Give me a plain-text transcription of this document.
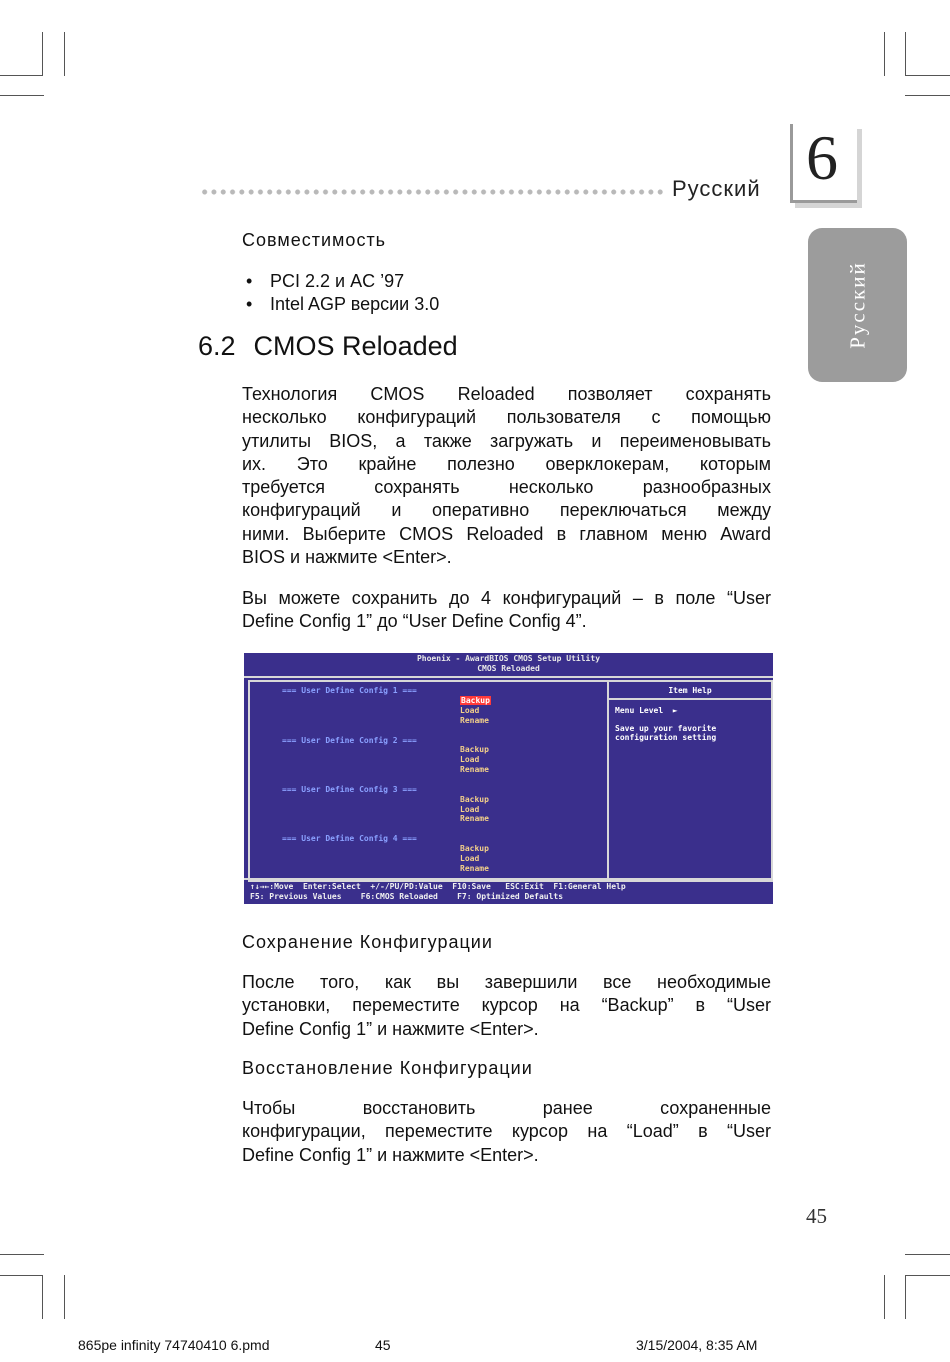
Русский 6
Русский
Совместимость
• PCI 2.2 и AC ’97
• Intel AGP версии 3.0
6.2 CMOS Reloaded
Технология CMOS Reloaded позволяет сохранять
несколько конфигураций пользователя с помощью
утилиты BIOS, а также загружать и переименовывать
их. Это крайне полезно оверклокерам, которым
требуется сохранять несколько разнообразных
конфигураций и оперативно переключаться между
ними. Выберите CMOS Reloaded в главном меню Award
BIOS и нажмите <Enter>.
Вы можете сохранить до 4 конфигураций – в поле “User
Define Config 1” до “User Define Config 4”.
Phoenix - AwardBIOS CMOS Setup Utility
CMOS Reloaded
=== User Define Config 1 ===
Backup
Load
Rename
=== User Define Config 2 ===
Backup
Load
Rename
=== User Define Config 3 ===
Backup
Load
Rename
=== User Define Config 4 ===
Backup
Load
Rename
Item Help
Menu Level  ►
Save up your favorite
configuration setting
↑↓→←:Move  Enter:Select  +/-/PU/PD:Value  F10:Save   ESC:Exit  F1:General Help
F5: Previous Values    F6:CMOS Reloaded    F7: Optimized Defaults
Сохранение Конфигурации
После того, как вы завершили все необходимые
установки, переместите курсор на “Backup” в “User
Define Config 1” и нажмите <Enter>.
Восстановление Конфигурации
Чтобы восстановить ранее сохраненные
конфигурации, переместите курсор на “Load” в “User
Define Config 1” и нажмите <Enter>.
45
865pe infinity 74740410 6.pmd	45	3/15/2004, 8:35 AM
